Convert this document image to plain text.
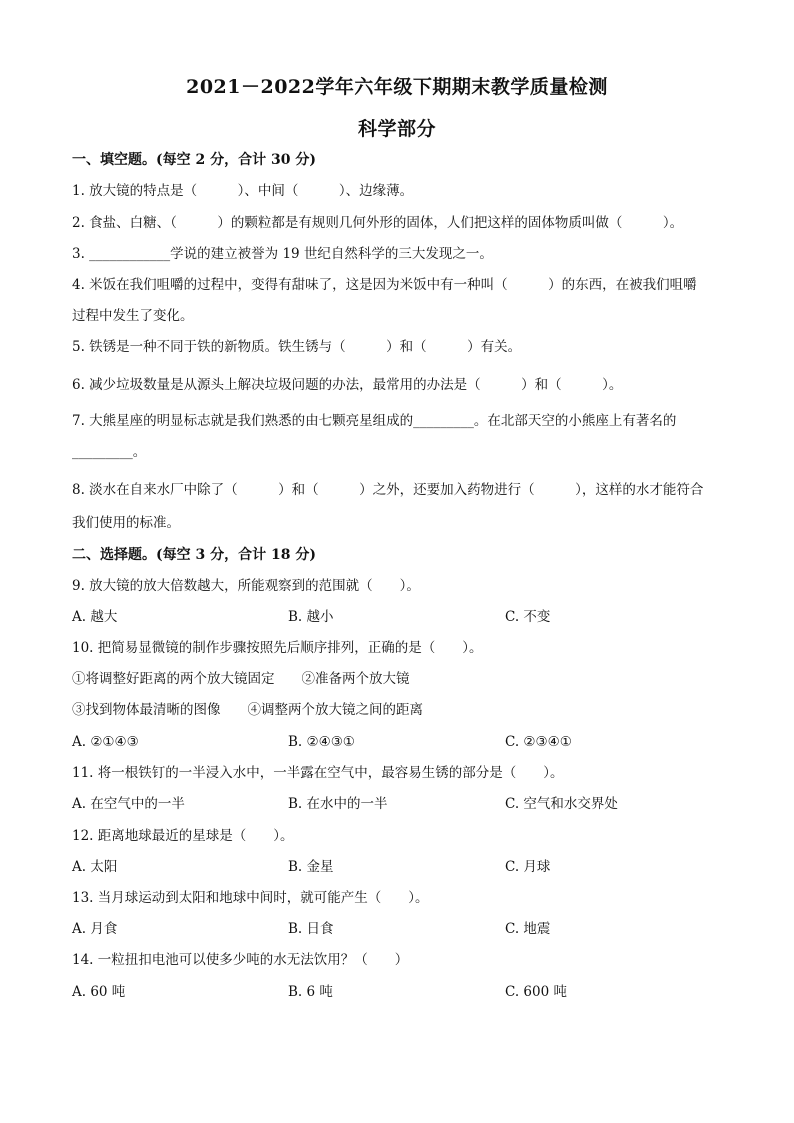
2021－2022学年六年级下期期末教学质量检测
科学部分
一、填空题。(每空 2 分，合计 30 分)
1. 放大镜的特点是（　　　）、中间（　　　）、边缘薄。
2. 食盐、白糖、（　　　）的颗粒都是有规则几何外形的固体，人们把这样的固体物质叫做（　　　）。
3. ____________学说的建立被誉为 19 世纪自然科学的三大发现之一。
4. 米饭在我们咀嚼的过程中，变得有甜味了，这是因为米饭中有一种叫（　　　）的东西，在被我们咀嚼
过程中发生了变化。
5. 铁锈是一种不同于铁的新物质。铁生锈与（　　　）和（　　　）有关。
6. 减少垃圾数量是从源头上解决垃圾问题的办法，最常用的办法是（　　　）和（　　　）。
7. 大熊星座的明显标志就是我们熟悉的由七颗亮星组成的_________。在北部天空的小熊座上有著名的
_________。
8. 淡水在自来水厂中除了（　　　）和（　　　）之外，还要加入药物进行（　　　），这样的水才能符合
我们使用的标准。
二、选择题。(每空 3 分，合计 18 分)
9. 放大镜的放大倍数越大，所能观察到的范围就（　　）。
A. 越大	B. 越小	C. 不变
10. 把简易显微镜的制作步骤按照先后顺序排列，正确的是（　　）。
①将调整好距离的两个放大镜固定　　②准备两个放大镜
③找到物体最清晰的图像　　④调整两个放大镜之间的距离
A. ②①④③	B. ②④③①	C. ②③④①
11. 将一根铁钉的一半浸入水中，一半露在空气中，最容易生锈的部分是（　　）。
A. 在空气中的一半	B. 在水中的一半	C. 空气和水交界处
12. 距离地球最近的星球是（　　）。
A. 太阳	B. 金星	C. 月球
13. 当月球运动到太阳和地球中间时，就可能产生（　　）。
A. 月食	B. 日食	C. 地震
14. 一粒扭扣电池可以使多少吨的水无法饮用？（　　）
A. 60 吨	B. 6 吨	C. 600 吨
